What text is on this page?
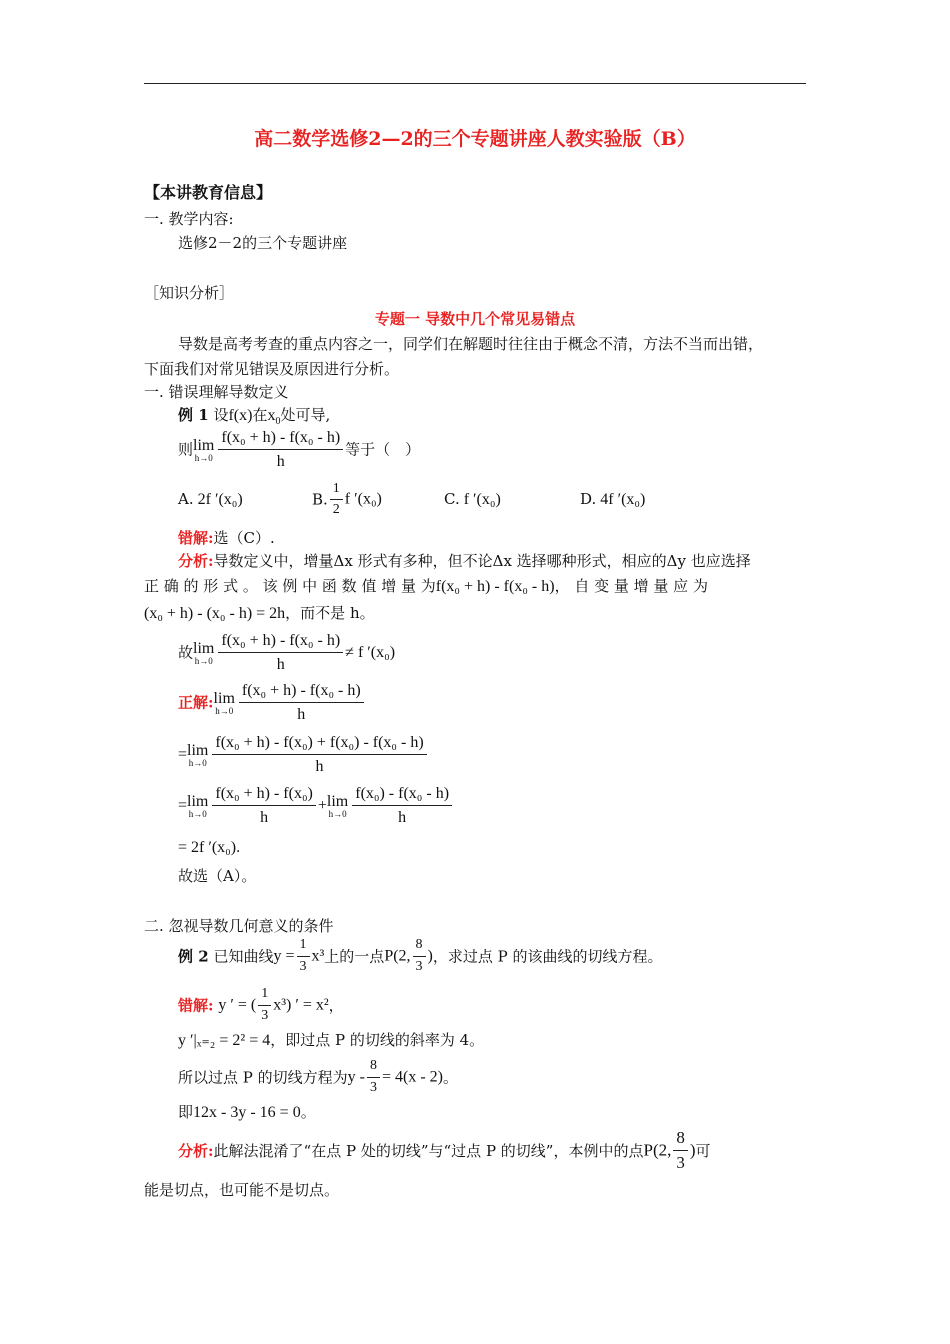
高二数学选修2—2的三个专题讲座人教实验版（B）
【本讲教育信息】
一. 教学内容:
选修2－2的三个专题讲座
［知识分析］
专题一 导数中几个常见易错点
导数是高考考查的重点内容之一，同学们在解题时往往由于概念不清，方法不当而出错，
下面我们对常见错误及原因进行分析。
一. 错误理解导数定义
例 1 设f(x)在$x_0$处可导,
则 lim
$h\to 0 \frac{\text{f(x₀ + h) - f(x₀ - h)}}{h}$ 等于（　）
A. 2f ′(x₀)	B. $\frac{1}{2}$ f ′(x₀)	C. f ′(x₀)	D. 4f ′(x₀)
错解:选（C）.
分析:导数定义中，增量Δx 形式有多种，但不论Δx 选择哪种形式，相应的Δy 也应选择
正 确 的 形 式 。 该 例 中 函 数 值 增 量 为f(x₀ + h) - f(x₀ - h)， 自 变 量 增 量 应 为
(x₀ + h) - (x₀ - h) = 2h，而不是 h。
故 lim
$h\to 0 \frac{\text{f(x₀ + h) - f(x₀ - h)}}{h} \ne f$ ′(x₀)
正解: lim
$h\to 0 \frac{\text{f(x₀ + h) - f(x₀ - h)}}{h}$
= lim
$h\to 0 \frac{\text{f(x₀ + h) - f(x₀) + f(x₀) - f(x₀ - h)}}{h}$
= lim
$h\to 0 \frac{\text{f(x₀ + h) - f(x₀)}}{h} + \lim$
$h\to 0 \frac{\text{f(x₀) - f(x₀ - h)}}{h}$
= 2f ′(x₀).
故选（A）。
二. 忽视导数几何意义的条件
例 2 已知曲线$y = \frac{1}{3} x^3$上的一点P(2, $\frac{8}{3}$ )，求过点 P 的该曲线的切线方程。
错解: y ′ = ( $\frac{1}{3} x^3$) ′ = x²，
y ′|ₓ₌₂ = 2² = 4，即过点 P 的切线的斜率为 4。
所以过点 P 的切线方程为$y - \frac{8}{3} = 4(x - 2)$。
即12x - 3y - 16 = 0。
分析:此解法混淆了“在点 P 处的切线”与“过点 P 的切线”，本例中的点P(2, $\frac{8}{3}$ )可
能是切点，也可能不是切点。
